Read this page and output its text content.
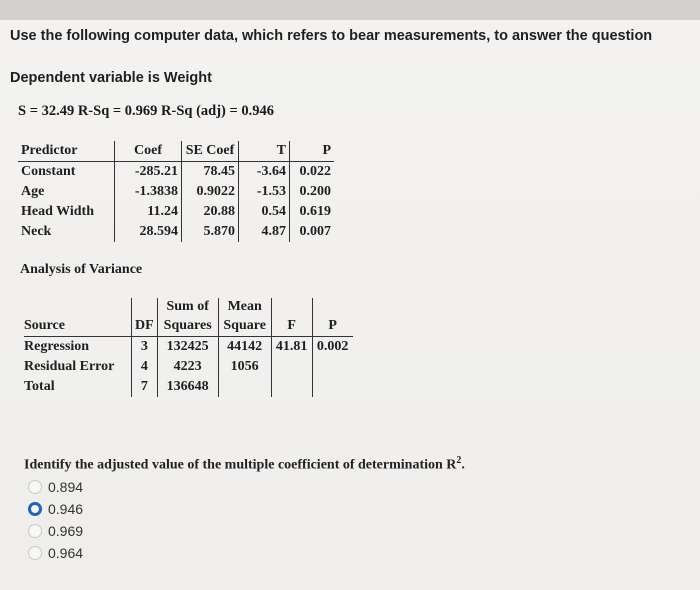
Use the following computer data, which refers to bear measurements, to answer the question
Dependent variable is Weight
S = 32.49 R-Sq = 0.969 R-Sq (adj) = 0.946
Predictor	Coef	SE Coef	T	P
Constant	-285.21	78.45	-3.64	0.022
Age	-1.3838	0.9022	-1.53	0.200
Head Width	11.24	20.88	0.54	0.619
Neck	28.594	5.870	4.87	0.007
Analysis of Variance
		Sum of	Mean		
Source	DF	Squares	Square	F	P
Regression	3	132425	44142	41.81	0.002
Residual Error	4	4223	1056		
Total	7	136648			
Identify the adjusted value of the multiple coefficient of determination $R^2$.
0.894
0.946
0.969
0.964
